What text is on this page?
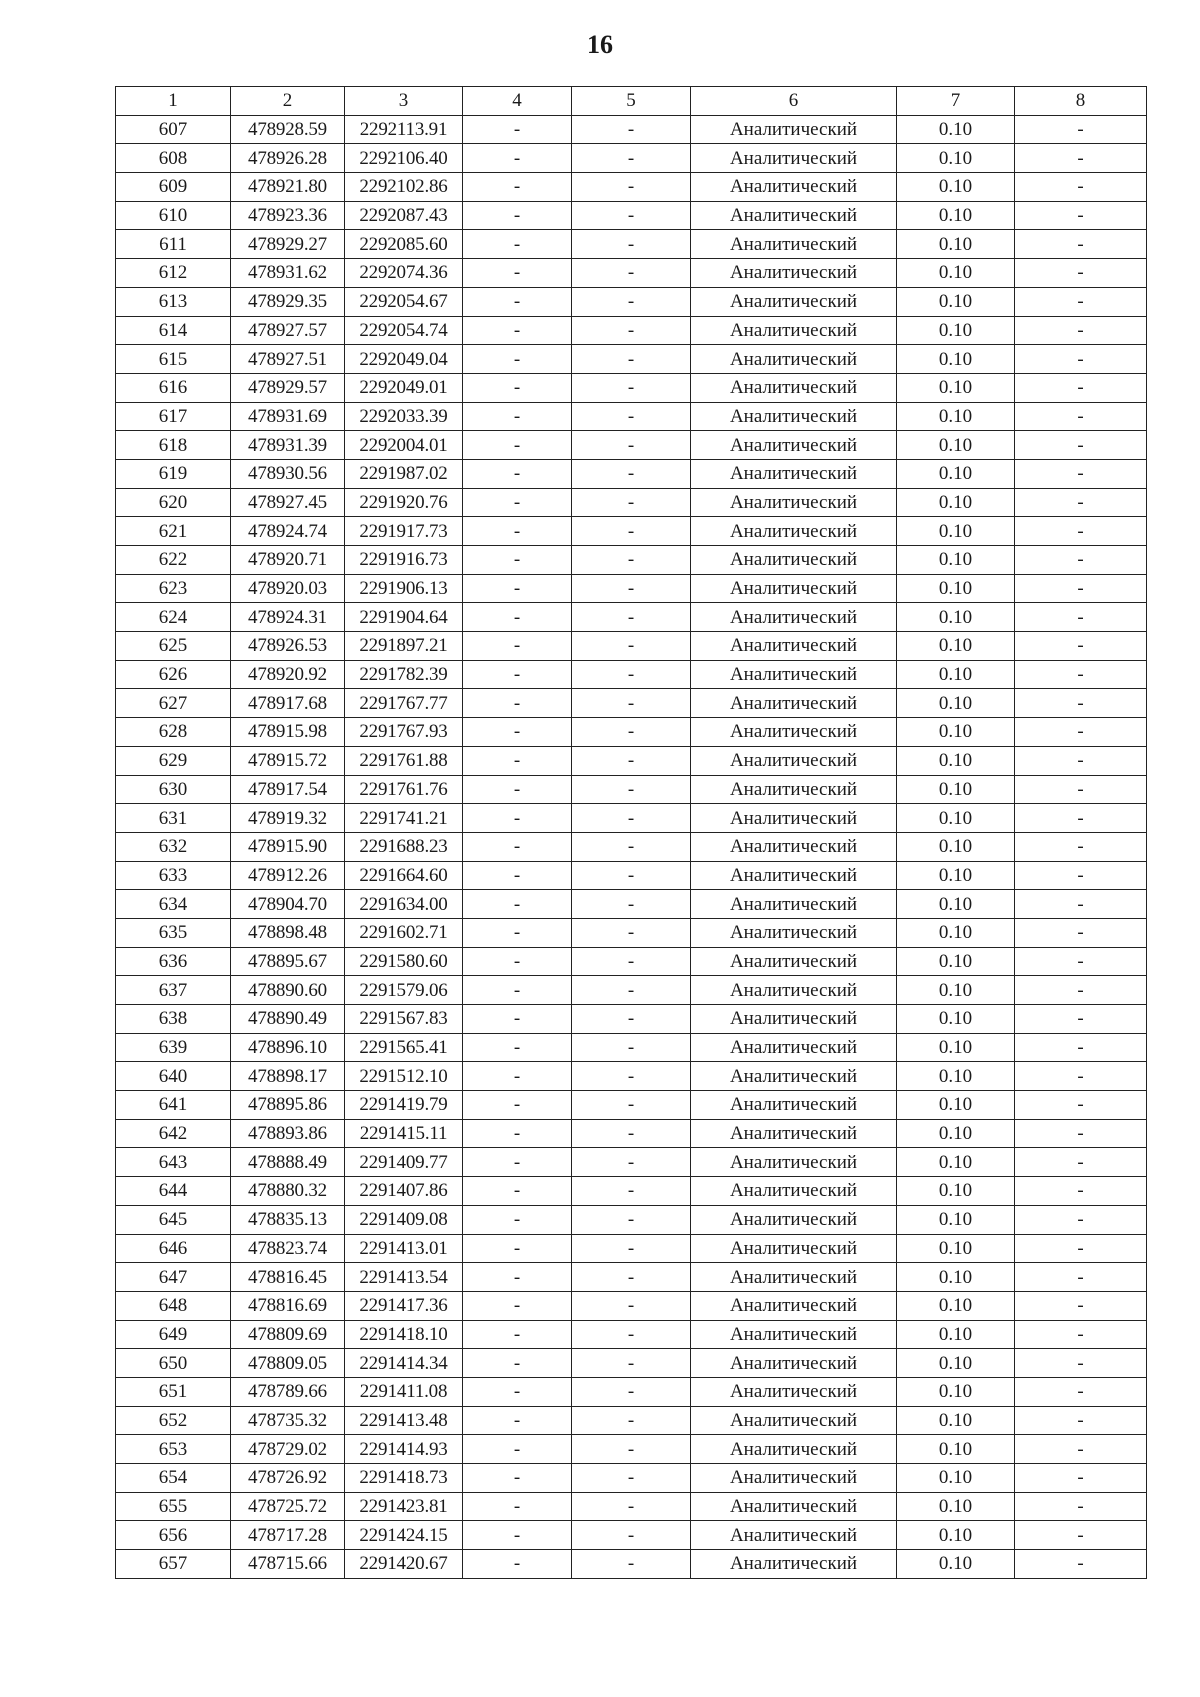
16
1	2	3	4	5	6	7	8
607	478928.59	2292113.91	-	-	Аналитический	0.10	-
608	478926.28	2292106.40	-	-	Аналитический	0.10	-
609	478921.80	2292102.86	-	-	Аналитический	0.10	-
610	478923.36	2292087.43	-	-	Аналитический	0.10	-
611	478929.27	2292085.60	-	-	Аналитический	0.10	-
612	478931.62	2292074.36	-	-	Аналитический	0.10	-
613	478929.35	2292054.67	-	-	Аналитический	0.10	-
614	478927.57	2292054.74	-	-	Аналитический	0.10	-
615	478927.51	2292049.04	-	-	Аналитический	0.10	-
616	478929.57	2292049.01	-	-	Аналитический	0.10	-
617	478931.69	2292033.39	-	-	Аналитический	0.10	-
618	478931.39	2292004.01	-	-	Аналитический	0.10	-
619	478930.56	2291987.02	-	-	Аналитический	0.10	-
620	478927.45	2291920.76	-	-	Аналитический	0.10	-
621	478924.74	2291917.73	-	-	Аналитический	0.10	-
622	478920.71	2291916.73	-	-	Аналитический	0.10	-
623	478920.03	2291906.13	-	-	Аналитический	0.10	-
624	478924.31	2291904.64	-	-	Аналитический	0.10	-
625	478926.53	2291897.21	-	-	Аналитический	0.10	-
626	478920.92	2291782.39	-	-	Аналитический	0.10	-
627	478917.68	2291767.77	-	-	Аналитический	0.10	-
628	478915.98	2291767.93	-	-	Аналитический	0.10	-
629	478915.72	2291761.88	-	-	Аналитический	0.10	-
630	478917.54	2291761.76	-	-	Аналитический	0.10	-
631	478919.32	2291741.21	-	-	Аналитический	0.10	-
632	478915.90	2291688.23	-	-	Аналитический	0.10	-
633	478912.26	2291664.60	-	-	Аналитический	0.10	-
634	478904.70	2291634.00	-	-	Аналитический	0.10	-
635	478898.48	2291602.71	-	-	Аналитический	0.10	-
636	478895.67	2291580.60	-	-	Аналитический	0.10	-
637	478890.60	2291579.06	-	-	Аналитический	0.10	-
638	478890.49	2291567.83	-	-	Аналитический	0.10	-
639	478896.10	2291565.41	-	-	Аналитический	0.10	-
640	478898.17	2291512.10	-	-	Аналитический	0.10	-
641	478895.86	2291419.79	-	-	Аналитический	0.10	-
642	478893.86	2291415.11	-	-	Аналитический	0.10	-
643	478888.49	2291409.77	-	-	Аналитический	0.10	-
644	478880.32	2291407.86	-	-	Аналитический	0.10	-
645	478835.13	2291409.08	-	-	Аналитический	0.10	-
646	478823.74	2291413.01	-	-	Аналитический	0.10	-
647	478816.45	2291413.54	-	-	Аналитический	0.10	-
648	478816.69	2291417.36	-	-	Аналитический	0.10	-
649	478809.69	2291418.10	-	-	Аналитический	0.10	-
650	478809.05	2291414.34	-	-	Аналитический	0.10	-
651	478789.66	2291411.08	-	-	Аналитический	0.10	-
652	478735.32	2291413.48	-	-	Аналитический	0.10	-
653	478729.02	2291414.93	-	-	Аналитический	0.10	-
654	478726.92	2291418.73	-	-	Аналитический	0.10	-
655	478725.72	2291423.81	-	-	Аналитический	0.10	-
656	478717.28	2291424.15	-	-	Аналитический	0.10	-
657	478715.66	2291420.67	-	-	Аналитический	0.10	-
